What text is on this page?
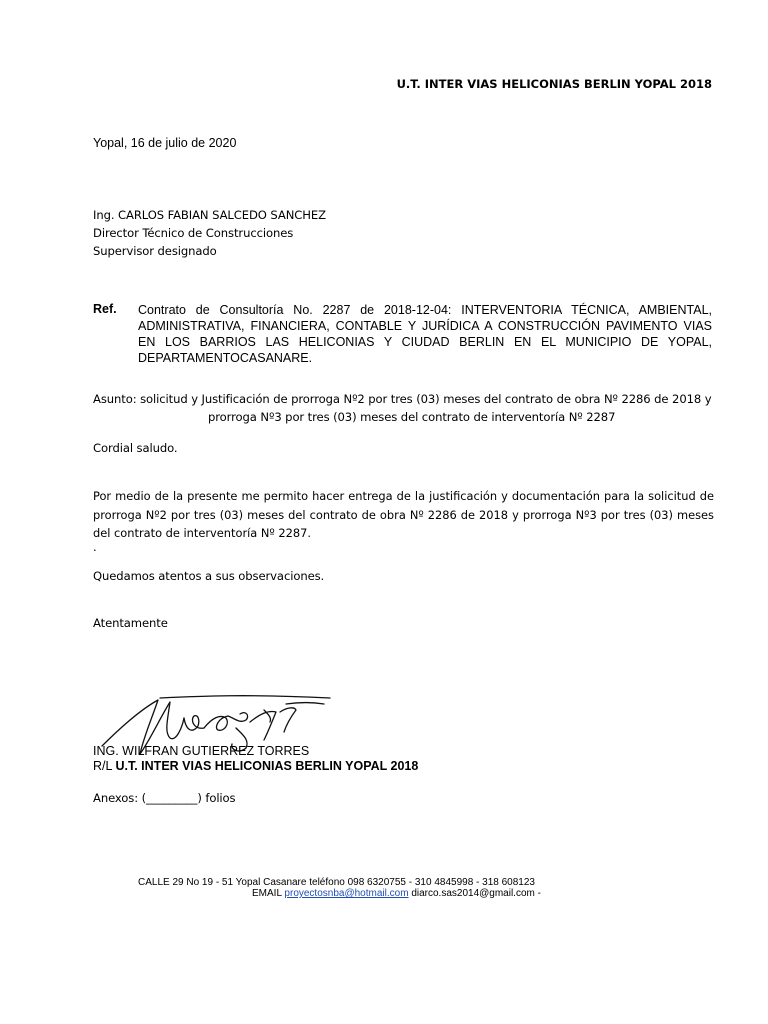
U.T. INTER VIAS HELICONIAS BERLIN YOPAL 2018
Yopal, 16 de julio de 2020
Ing. CARLOS FABIAN SALCEDO SANCHEZ
Director Técnico de Construcciones
Supervisor designado
Ref. Contrato de Consultoría No. 2287 de 2018-12-04: INTERVENTORIA TÉCNICA, AMBIENTAL, ADMINISTRATIVA, FINANCIERA, CONTABLE Y JURÍDICA A CONSTRUCCIÓN PAVIMENTO VIAS EN LOS BARRIOS LAS HELICONIAS Y CIUDAD BERLIN EN EL MUNICIPIO DE YOPAL, DEPARTAMENTOCASANARE.
Asunto: solicitud y Justificación de prorroga Nº2 por tres (03) meses del contrato de obra Nº 2286 de 2018 y
prorroga Nº3 por tres (03) meses del contrato de interventoría Nº 2287
Cordial saludo.
Por medio de la presente me permito hacer entrega de la justificación y documentación para la solicitud de prorroga Nº2 por tres (03) meses del contrato de obra Nº 2286 de 2018 y prorroga Nº3 por tres (03) meses del contrato de interventoría Nº 2287.
.
Quedamos atentos a sus observaciones.
Atentamente
ING. WILFRAN GUTIERREZ TORRES
R/L U.T. INTER VIAS HELICONIAS BERLIN YOPAL 2018
Anexos: (_________) folios
CALLE 29 No 19 - 51 Yopal Casanare teléfono 098 6320755 - 310 4845998 - 318 608123
EMAIL proyectosnba@hotmail.com diarco.sas2014@gmail.com -
